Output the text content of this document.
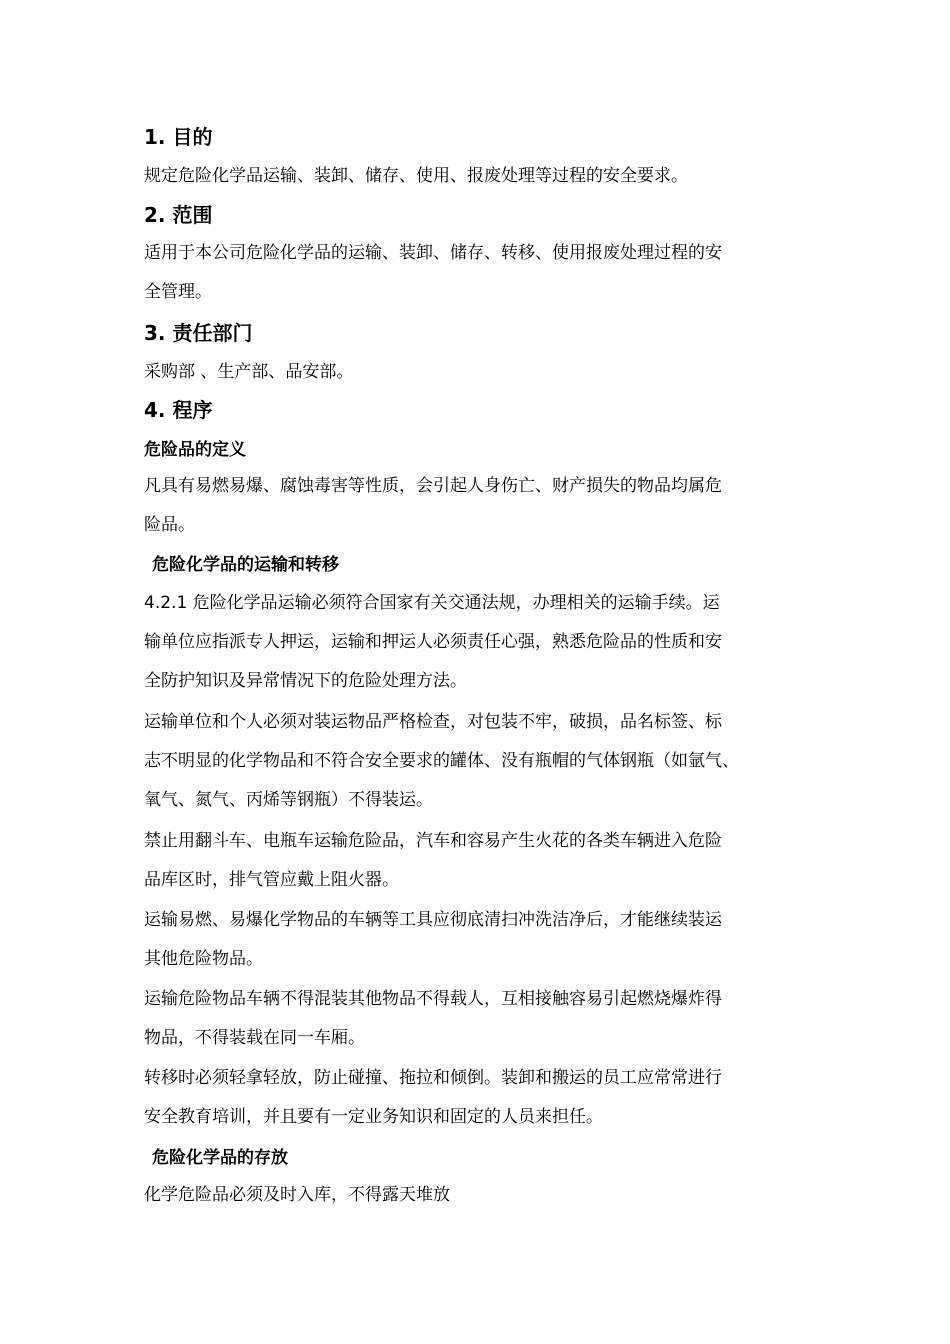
1. 目的
规定危险化学品运输、装卸、储存、使用、报废处理等过程的安全要求。
2. 范围
适用于本公司危险化学品的运输、装卸、储存、转移、使用报废处理过程的安
全管理。
3. 责任部门
采购部 、生产部、品安部。
4. 程序
危险品的定义
凡具有易燃易爆、腐蚀毒害等性质，会引起人身伤亡、财产损失的物品均属危
险品。
危险化学品的运输和转移
4.2.1 危险化学品运输必须符合国家有关交通法规，办理相关的运输手续。运
输单位应指派专人押运，运输和押运人必须责任心强，熟悉危险品的性质和安
全防护知识及异常情况下的危险处理方法。
运输单位和个人必须对装运物品严格检查，对包装不牢，破损，品名标签、标
志不明显的化学物品和不符合安全要求的罐体、没有瓶帽的气体钢瓶（如氩气、
氧气、氮气、丙烯等钢瓶）不得装运。
禁止用翻斗车、电瓶车运输危险品，汽车和容易产生火花的各类车辆进入危险
品库区时，排气管应戴上阻火器。
运输易燃、易爆化学物品的车辆等工具应彻底清扫冲洗洁净后，才能继续装运
其他危险物品。
运输危险物品车辆不得混装其他物品不得载人，互相接触容易引起燃烧爆炸得
物品，不得装载在同一车厢。
转移时必须轻拿轻放，防止碰撞、拖拉和倾倒。装卸和搬运的员工应常常进行
安全教育培训，并且要有一定业务知识和固定的人员来担任。
危险化学品的存放
化学危险品必须及时入库，不得露天堆放
